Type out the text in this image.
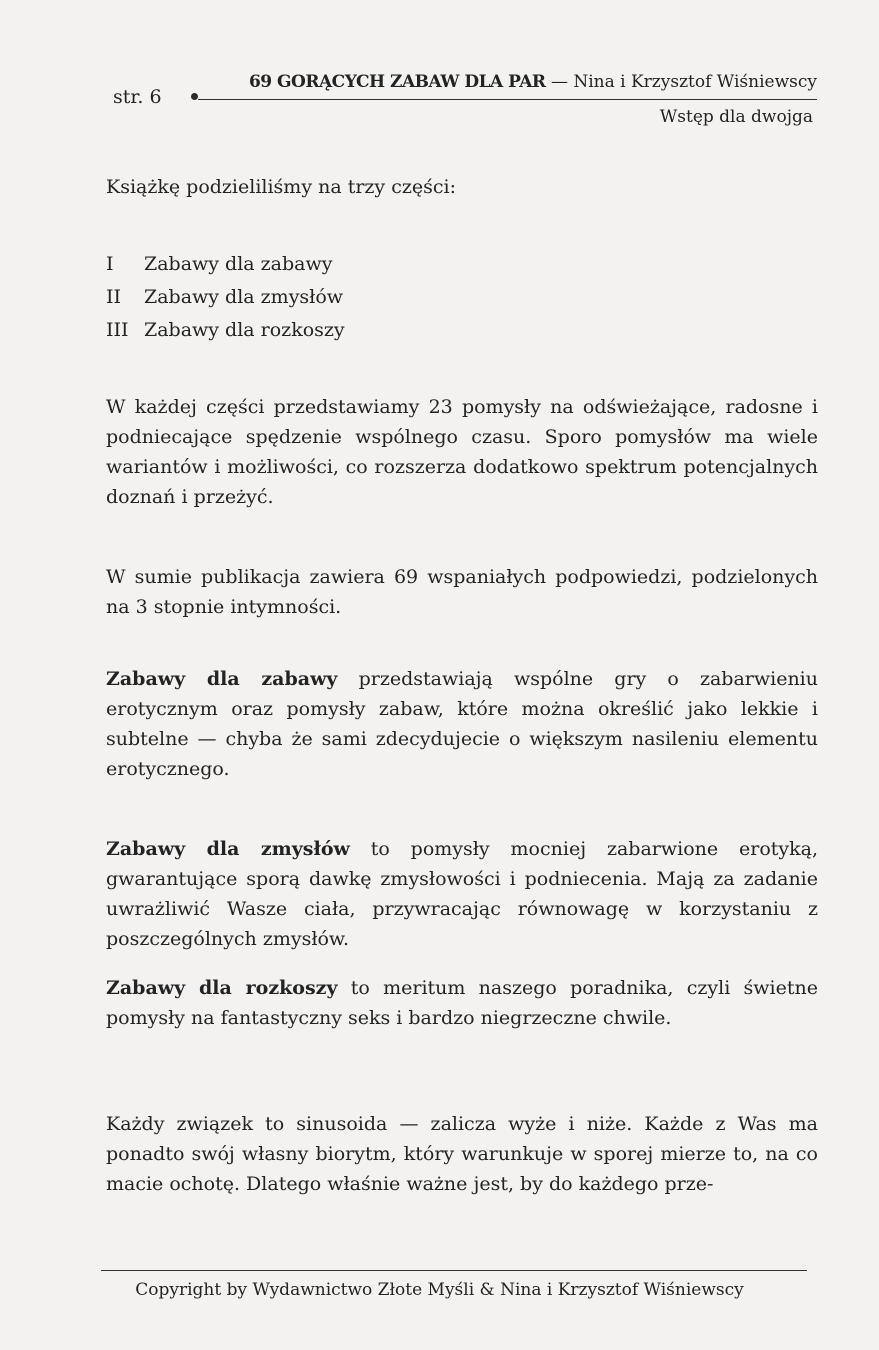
str. 6
69 GORĄCYCH ZABAW DLA PAR — Nina i Krzysztof Wiśniewscy
Wstęp dla dwojga

Książkę podzieliliśmy na trzy części:

I Zabawy dla zabawy

II Zabawy dla zmysłów

III Zabawy dla rozkoszy

W każdej części przedstawiamy 23 pomysły na odświeżające, radosne i podniecające spędzenie wspólnego czasu. Sporo pomysłów ma wiele wariantów i możliwości, co rozszerza dodatkowo spektrum potencjalnych doznań i przeżyć.

W sumie publikacja zawiera 69 wspaniałych podpowiedzi, podzielonych na 3 stopnie intymności.

Zabawy dla zabawy przedstawiają wspólne gry o zabarwieniu erotycznym oraz pomysły zabaw, które można określić jako lekkie i subtelne — chyba że sami zdecydujecie o większym nasileniu elementu erotycznego.

Zabawy dla zmysłów to pomysły mocniej zabarwione erotyką, gwarantujące sporą dawkę zmysłowości i podniecenia. Mają za zadanie uwrażliwić Wasze ciała, przywracając równowagę w korzystaniu z poszczególnych zmysłów.

Zabawy dla rozkoszy to meritum naszego poradnika, czyli świetne pomysły na fantastyczny seks i bardzo niegrzeczne chwile.

Każdy związek to sinusoida — zalicza wyże i niże. Każde z Was ma ponadto swój własny biorytm, który warunkuje w sporej mierze to, na co macie ochotę. Dlatego właśnie ważne jest, by do każdego prze-

Copyright by Wydawnictwo Złote Myśli & Nina i Krzysztof Wiśniewscy
